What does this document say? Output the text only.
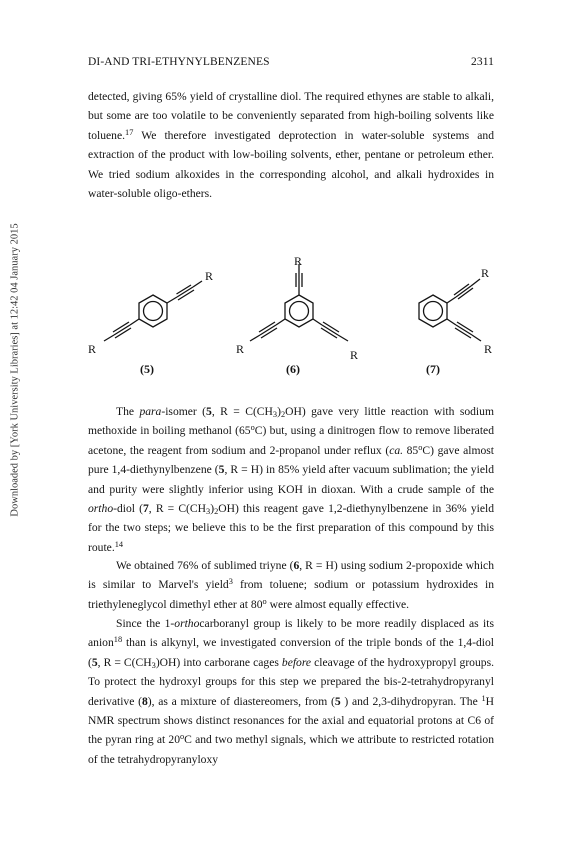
DI-AND TRI-ETHYNYLBENZENES	2311
Downloaded by [York University Libraries] at 12:42 04 January 2015

detected, giving 65% yield of crystalline diol. The required ethynes are stable to alkali, but some are too volatile to be conveniently separated from high-boiling solvents like toluene.$^{17}$ We therefore investigated deprotection in water-soluble systems and extraction of the product with low-boiling solvents, ether, pentane or petroleum ether. We tried sodium alkoxides in the corresponding alcohol, and alkali hydroxides in water-soluble oligo-ethers.

R
R
R
R	R
R
R
(5)	(6)	(7)

The para-isomer (5, $R = C(CH_3)_2OH$) gave very little reaction with sodium methoxide in boiling methanol (65$^o$C) but, using a dinitrogen flow to remove liberated acetone, the reagent from sodium and 2-propanol under reflux (ca. 85$^o$C) gave almost pure 1,4-diethynylbenzene (5, R = H) in 85% yield after vacuum sublimation; the yield and purity were slightly inferior using KOH in dioxan. With a crude sample of the ortho-diol (7, $R = C(CH_3)_2OH$) this reagent gave 1,2-diethynylbenzene in 36% yield for the two steps; we believe this to be the first preparation of this compound by this route.$^{14}$

We obtained 76% of sublimed triyne (6, R = H) using sodium 2-propoxide which is similar to Marvel's yield$^3$ from toluene; sodium or potassium hydroxides in triethyleneglycol dimethyl ether at 80$^o$ were almost equally effective.

Since the 1-orthocarboranyl group is likely to be more readily displaced as its anion$^{18}$ than is alkynyl, we investigated conversion of the triple bonds of the 1,4-diol (5, $R = C(CH_3)OH$) into carborane cages before cleavage of the hydroxypropyl groups. To protect the hydroxyl groups for this step we prepared the bis-2-tetrahydropyranyl derivative (8), as a mixture of diastereomers, from (5 ) and 2,3-dihydropyran. The $^1$H NMR spectrum shows distinct resonances for the axial and equatorial protons at C6 of the pyran ring at 20$^o$C and two methyl signals, which we attribute to restricted rotation of the tetrahydropyranyloxy
